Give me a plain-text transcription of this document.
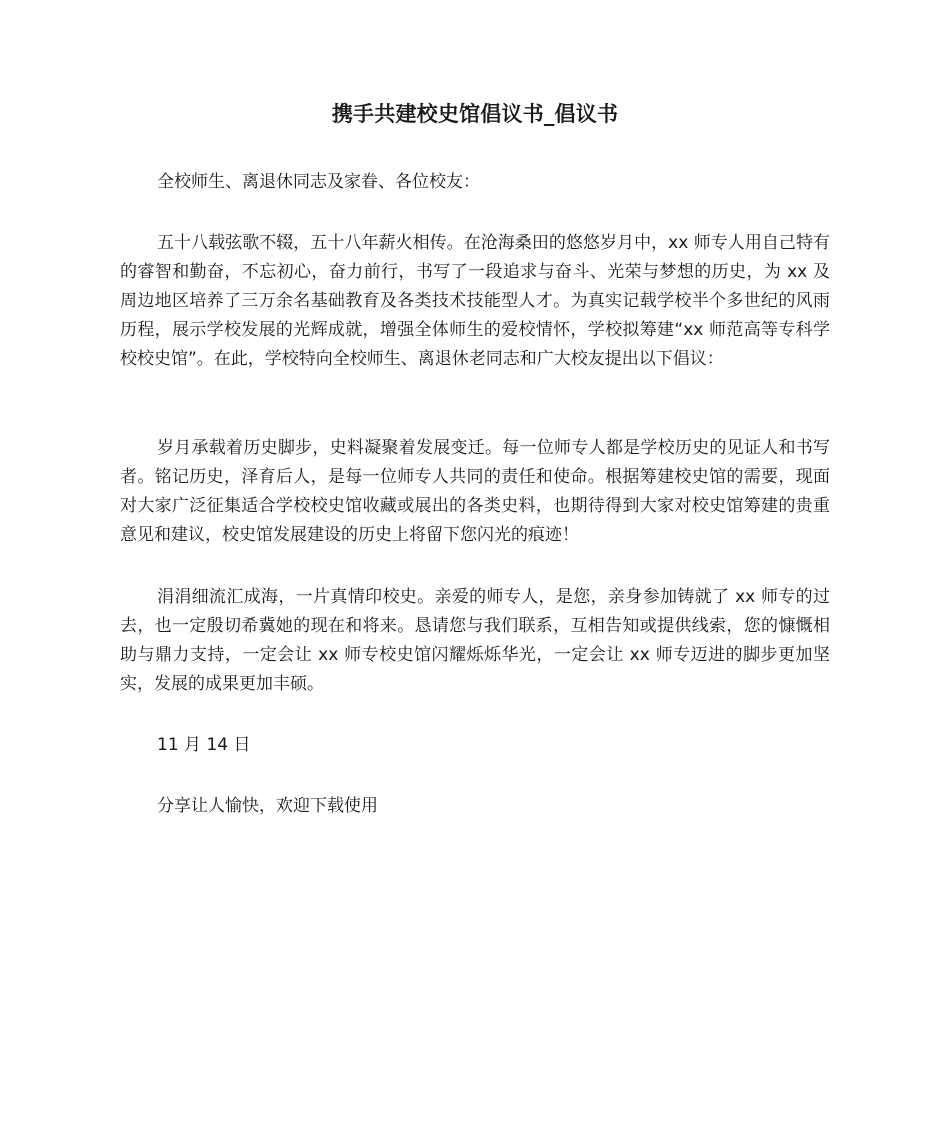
携手共建校史馆倡议书_倡议书

全校师生、离退休同志及家眷、各位校友：

五十八载弦歌不辍，五十八年薪火相传。在沧海桑田的悠悠岁月中，xx 师专人用自己特有的睿智和勤奋，不忘初心，奋力前行，书写了一段追求与奋斗、光荣与梦想的历史，为 xx 及周边地区培养了三万余名基础教育及各类技术技能型人才。为真实记载学校半个多世纪的风雨历程，展示学校发展的光辉成就，增强全体师生的爱校情怀，学校拟筹建“xx 师范高等专科学校校史馆”。在此，学校特向全校师生、离退休老同志和广大校友提出以下倡议：

岁月承载着历史脚步，史料凝聚着发展变迁。每一位师专人都是学校历史的见证人和书写者。铭记历史，泽育后人，是每一位师专人共同的责任和使命。根据筹建校史馆的需要，现面对大家广泛征集适合学校校史馆收藏或展出的各类史料，也期待得到大家对校史馆筹建的贵重意见和建议，校史馆发展建设的历史上将留下您闪光的痕迹！

涓涓细流汇成海，一片真情印校史。亲爱的师专人，是您，亲身参加铸就了 xx 师专的过去，也一定殷切希冀她的现在和将来。恳请您与我们联系，互相告知或提供线索，您的慷慨相助与鼎力支持，一定会让 xx 师专校史馆闪耀烁烁华光，一定会让 xx 师专迈进的脚步更加坚实，发展的成果更加丰硕。

11 月 14 日

分享让人愉快，欢迎下载使用
